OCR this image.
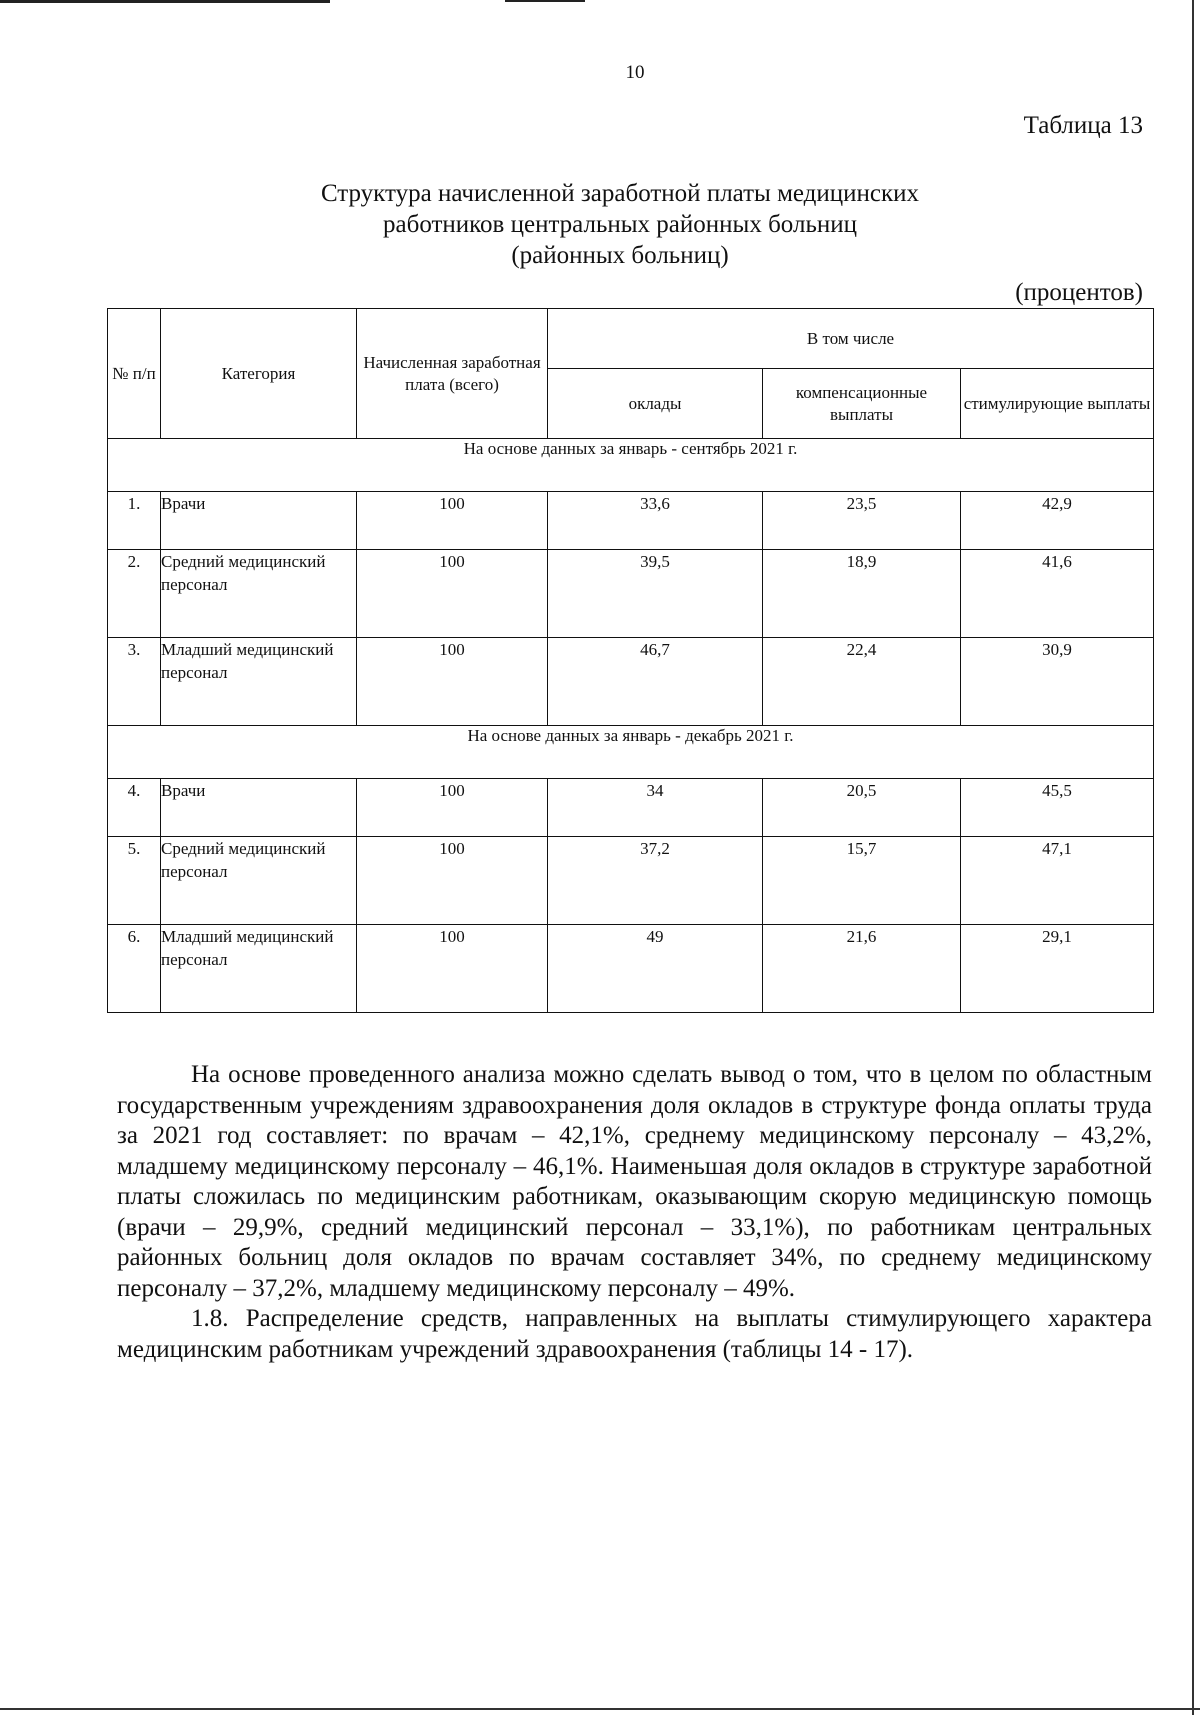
10
Таблица 13
Структура начисленной заработной платы медицинских
работников центральных районных больниц
(районных больниц)
(процентов)
№ п/п	Категория	Начисленная заработная плата (всего)	В том числе		
			оклады	компенсационные выплаты	стимулирующие выплаты
На основе данных за январь - сентябрь 2021 г.					
1.	Врачи	100	33,6	23,5	42,9
2.	Средний медицинский персонал	100	39,5	18,9	41,6
3.	Младший медицинский персонал	100	46,7	22,4	30,9
На основе данных за январь - декабрь 2021 г.					
4.	Врачи	100	34	20,5	45,5
5.	Средний медицинский персонал	100	37,2	15,7	47,1
6.	Младший медицинский персонал	100	49	21,6	29,1

На основе проведенного анализа можно сделать вывод о том, что в целом по областным государственным учреждениям здравоохранения доля окладов в структуре фонда оплаты труда за 2021 год составляет: по врачам – 42,1%, среднему медицинскому персоналу – 43,2%, младшему медицинскому персоналу – 46,1%. Наименьшая доля окладов в структуре заработной платы сложилась по медицинским работникам, оказывающим скорую медицинскую помощь (врачи – 29,9%, средний медицинский персонал – 33,1%), по работникам центральных районных больниц доля окладов по врачам составляет 34%, по среднему медицинскому персоналу – 37,2%, младшему медицинскому персоналу – 49%.

1.8. Распределение средств, направленных на выплаты стимулирующего характера медицинским работникам учреждений здравоохранения (таблицы 14 - 17).
